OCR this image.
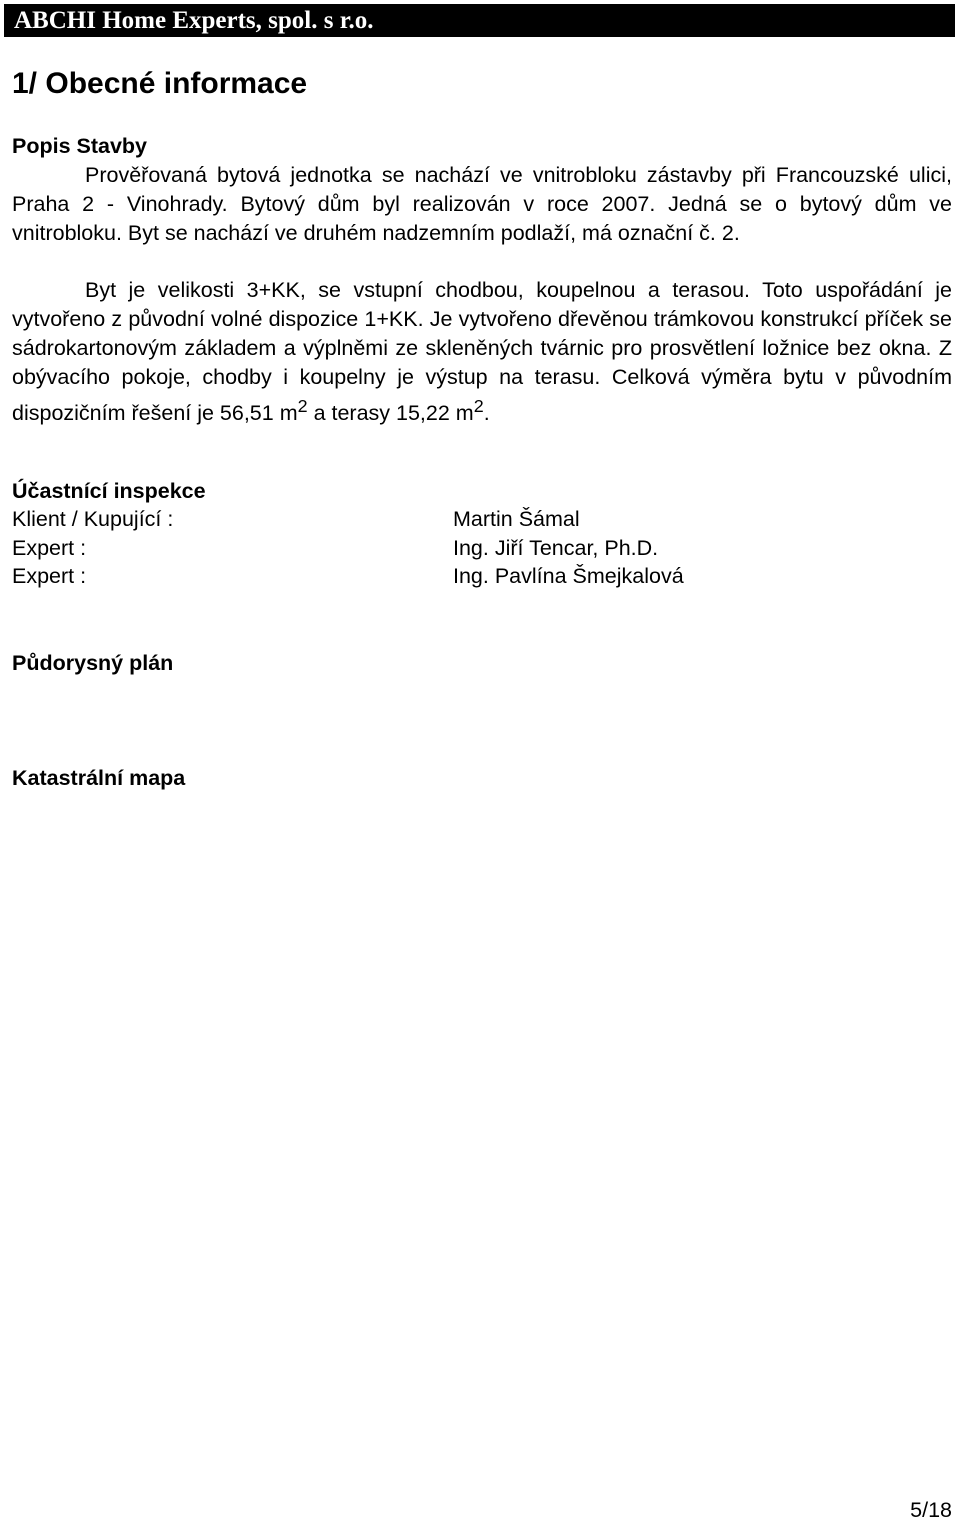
ABCHI Home Experts, spol. s r.o.
1/ Obecné informace
Popis Stavby

Prověřovaná bytová jednotka se nachází ve vnitrobloku zástavby při Francouzské ulici, Praha 2 - Vinohrady. Bytový dům byl realizován v roce 2007. Jedná se o bytový dům ve vnitrobloku. Byt se nachází ve druhém nadzemním podlaží, má označní č. 2.

Byt je velikosti 3+KK, se vstupní chodbou, koupelnou a terasou. Toto uspořádání je vytvořeno z původní volné dispozice 1+KK. Je vytvořeno dřevěnou trámkovou konstrukcí příček se sádrokartonovým základem a výplněmi ze skleněných tvárnic pro prosvětlení ložnice bez okna. Z obývacího pokoje, chodby i koupelny je výstup na terasu. Celková výměra bytu v původním dispozičním řešení je 56,51 $m^2$ a terasy 15,22 $m^2$.

Účastnící inspekce
Klient / Kupující :	Martin Šámal
Expert :	Ing. Jiří Tencar, Ph.D.
Expert :	Ing. Pavlína Šmejkalová
Půdorysný plán
Katastrální mapa
5/18
